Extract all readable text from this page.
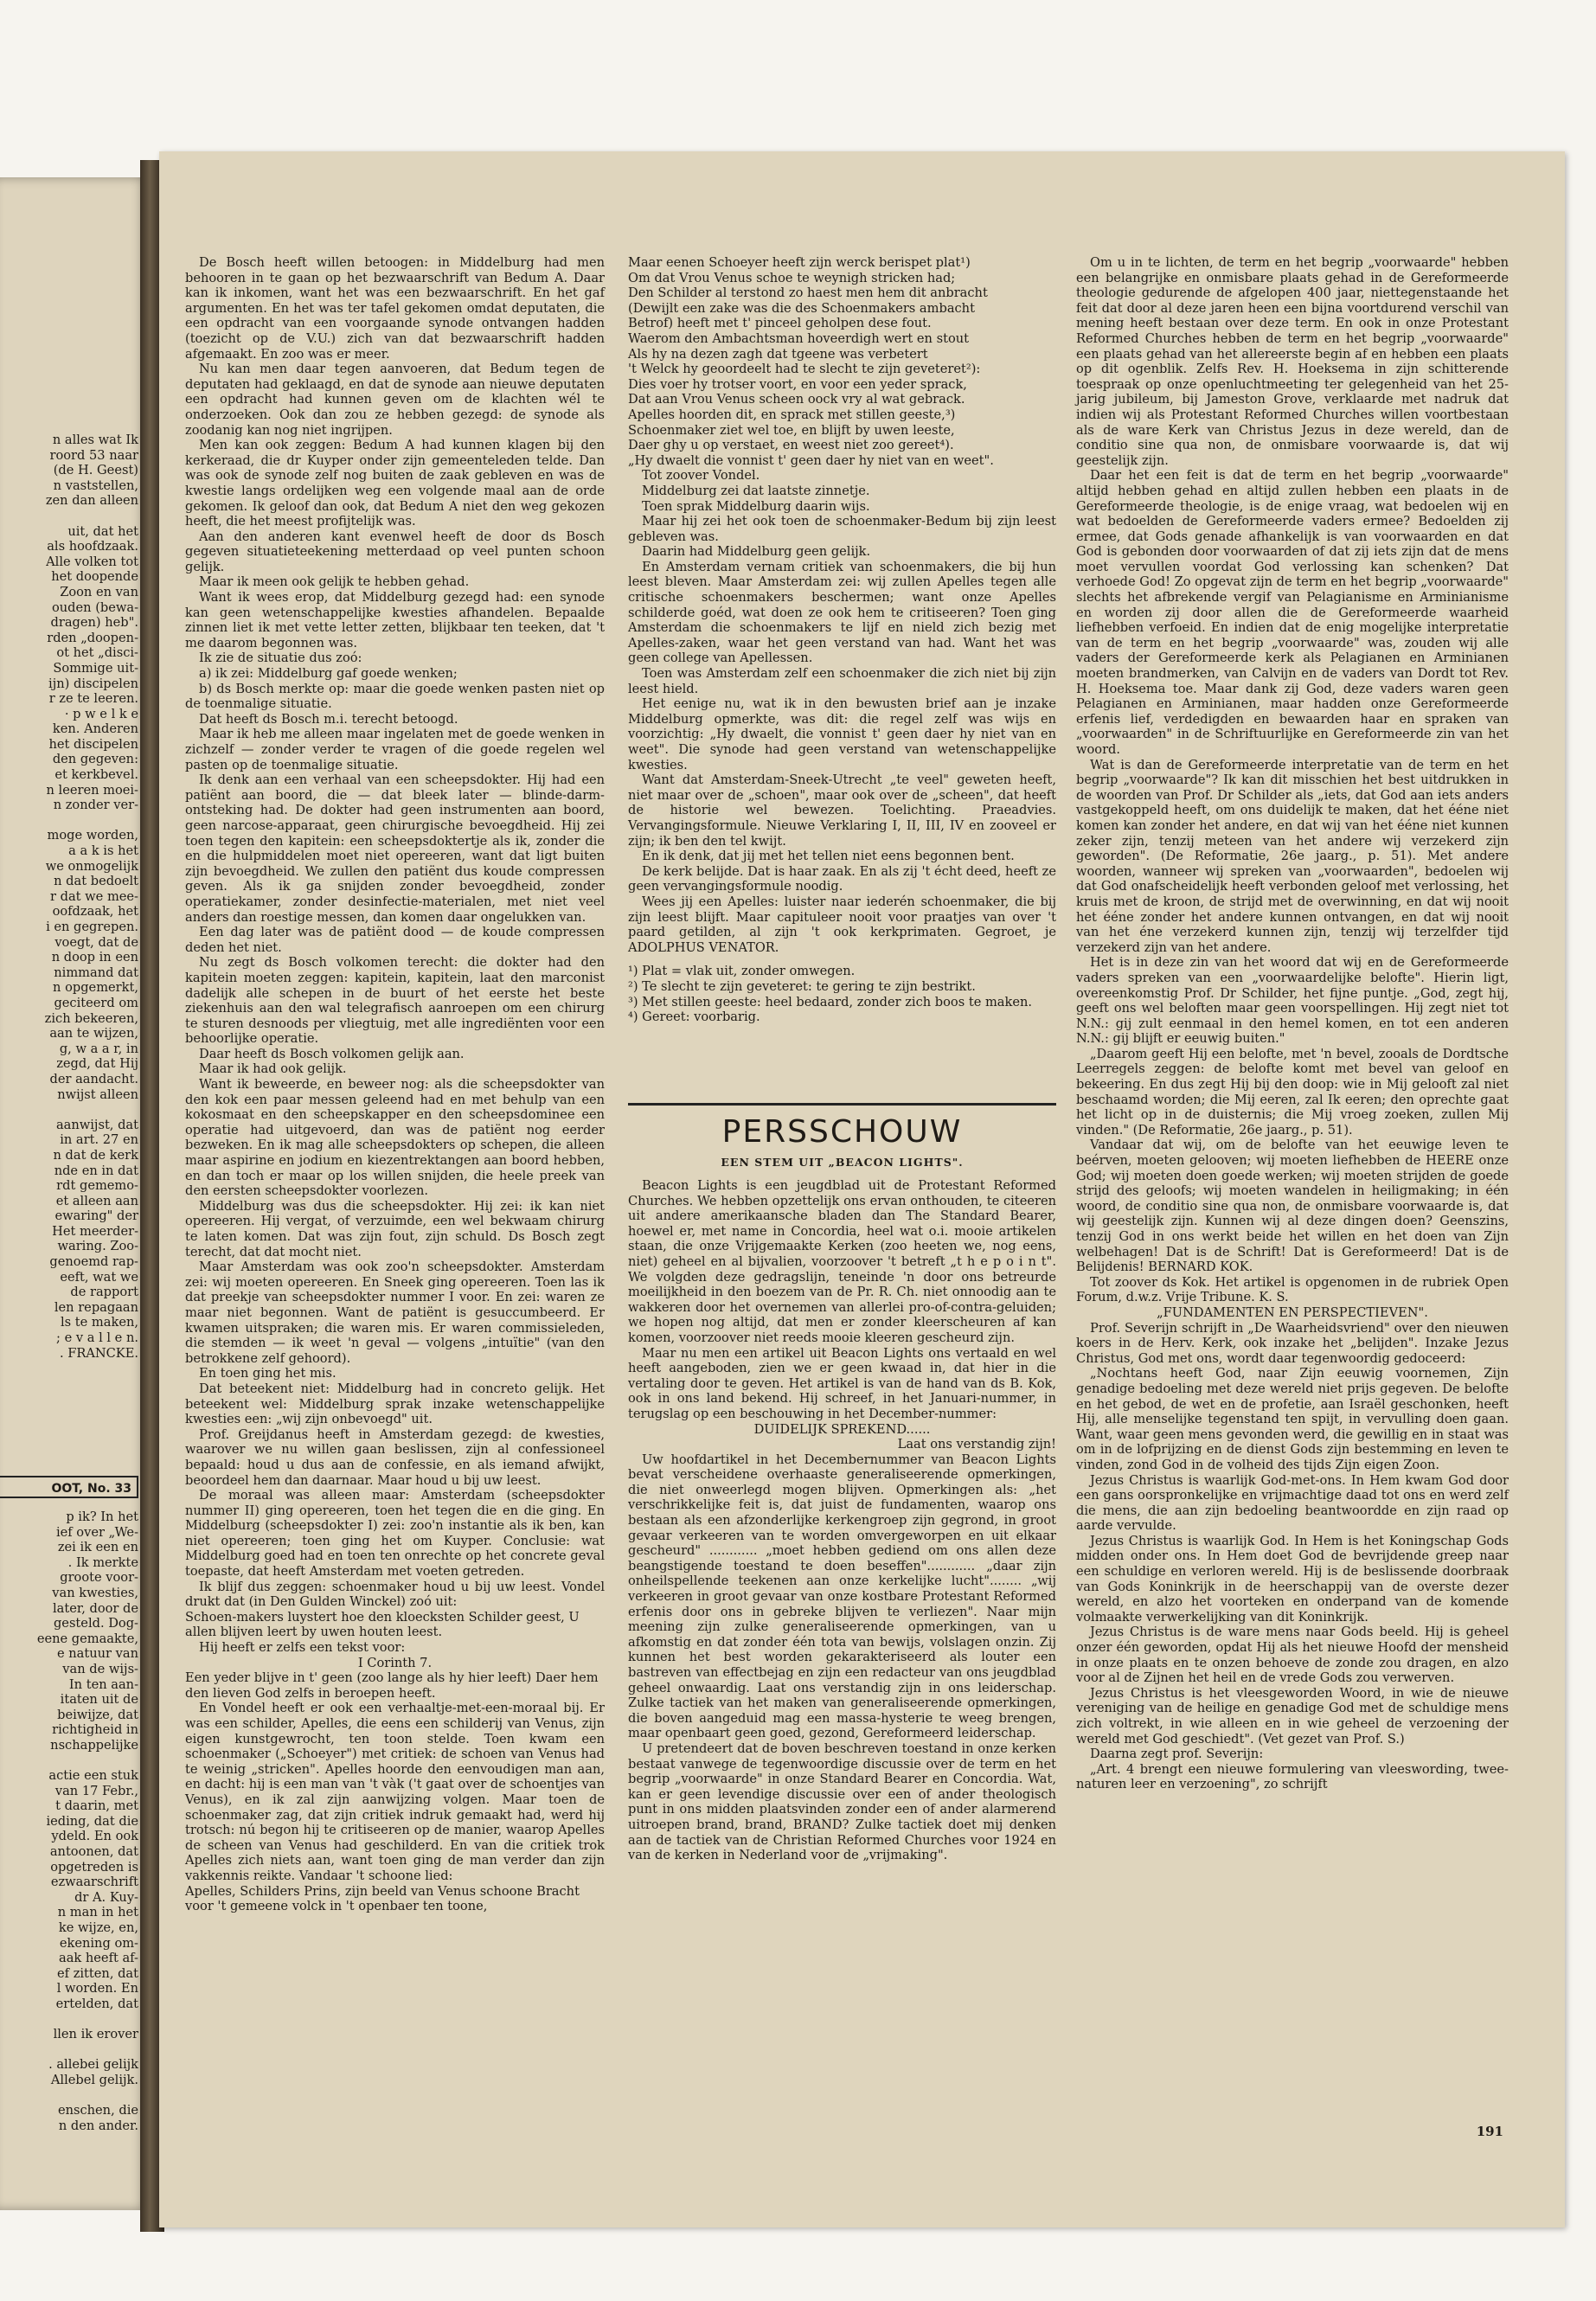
n alles wat Ik
roord 53 naar
(de H. Geest)
n vaststellen,
zen dan alleen

uit, dat het
als hoofdzaak.
Alle volken tot
het doopende
Zoon en van
ouden (bewa-
dragen) heb".
rden „doopen-
ot het „disci-
Sommige uit-
ijn) discipelen
r ze te leeren.
· p w e l k e
ken. Anderen
het discipelen
den gegeven:
et kerkbevel.
n leeren moei-
n zonder ver-

moge worden,
a a k is het
we onmogelijk
n dat bedoelt
r dat we mee-
oofdzaak, het
i en gegrepen.
voegt, dat de
n doop in een
nimmand dat
n opgemerkt,
geciteerd om
zich bekeeren,
aan te wijzen,
g, w a a r, in
zegd, dat Hij
der aandacht.
nwijst alleen

aanwijst, dat
in art. 27 en
n dat de kerk
nde en in dat
rdt gememo-
et alleen aan
ewaring" der
Het meerder-
waring. Zoo-
genoemd rap-
eeft, wat we
de rapport
len repagaan
ls te maken,
; e v a l l e n.
. FRANCKE.
OOT, No. 33
p ik? In het
ief over „We-
zei ik een en
. Ik merkte
groote voor-
van kwesties,
later, door de
gesteld. Dog-
eene gemaakte,
e natuur van
van de wijs-
In ten aan-
itaten uit de
beiwijze, dat
richtigheid in
nschappelijke

actie een stuk
van 17 Febr.,
t daarin, met
ieding, dat die
ydeld. En ook
antoonen, dat
opgetreden is
ezwaarschrift
dr A. Kuy-
n man in het
ke wijze, en,
ekening om-
aak heeft af-
ef zitten, dat
l worden. En
ertelden, dat

llen ik erover

. allebei gelijk
Allebel gelijk.

enschen, die
n den ander.

De Bosch heeft willen betoogen: in Middelburg had men behooren in te gaan op het bezwaarschrift van Bedum A. Daar kan ik inkomen, want het was een bezwaarschrift. En het gaf argumenten. En het was ter tafel gekomen omdat deputaten, die een opdracht van een voorgaande synode ontvangen hadden (toezicht op de V.U.) zich van dat bezwaarschrift hadden afgemaakt. En zoo was er meer.

Nu kan men daar tegen aanvoeren, dat Bedum tegen de deputaten had geklaagd, en dat de synode aan nieuwe deputaten een opdracht had kunnen geven om de klachten wél te onderzoeken. Ook dan zou ze hebben gezegd: de synode als zoodanig kan nog niet ingrijpen.

Men kan ook zeggen: Bedum A had kunnen klagen bij den kerkeraad, die dr Kuyper onder zijn gemeenteleden telde. Dan was ook de synode zelf nog buiten de zaak gebleven en was de kwestie langs ordelijken weg een volgende maal aan de orde gekomen. Ik geloof dan ook, dat Bedum A niet den weg gekozen heeft, die het meest profijtelijk was.

Aan den anderen kant evenwel heeft de door ds Bosch gegeven situatieteekening metterdaad op veel punten schoon gelijk.

Maar ik meen ook gelijk te hebben gehad.

Want ik wees erop, dat Middelburg gezegd had: een synode kan geen wetenschappelijke kwesties afhandelen. Bepaalde zinnen liet ik met vette letter zetten, blijkbaar ten teeken, dat 't me daarom begonnen was.

Ik zie de situatie dus zoó:

a) ik zei: Middelburg gaf goede wenken;

b) ds Bosch merkte op: maar die goede wenken pasten niet op de toenmalige situatie.

Dat heeft ds Bosch m.i. terecht betoogd.

Maar ik heb me alleen maar ingelaten met de goede wenken in zichzelf — zonder verder te vragen of die goede regelen wel pasten op de toenmalige situatie.

Ik denk aan een verhaal van een scheepsdokter. Hij had een patiënt aan boord, die — dat bleek later — blinde-darm-ontsteking had. De dokter had geen instrumenten aan boord, geen narcose-apparaat, geen chirurgische bevoegdheid. Hij zei toen tegen den kapitein: een scheepsdoktertje als ik, zonder die en die hulpmiddelen moet niet opereeren, want dat ligt buiten zijn bevoegdheid. We zullen den patiënt dus koude compressen geven. Als ik ga snijden zonder bevoegdheid, zonder operatiekamer, zonder desinfectie-materialen, met niet veel anders dan roestige messen, dan komen daar ongelukken van.

Een dag later was de patiënt dood — de koude compressen deden het niet.

Nu zegt ds Bosch volkomen terecht: die dokter had den kapitein moeten zeggen: kapitein, kapitein, laat den marconist dadelijk alle schepen in de buurt of het eerste het beste ziekenhuis aan den wal telegrafisch aanroepen om een chirurg te sturen desnoods per vliegtuig, met alle ingrediënten voor een behoorlijke operatie.

Daar heeft ds Bosch volkomen gelijk aan.

Maar ik had ook gelijk.

Want ik beweerde, en beweer nog: als die scheepsdokter van den kok een paar messen geleend had en met behulp van een kokosmaat en den scheepskapper en den scheepsdominee een operatie had uitgevoerd, dan was de patiënt nog eerder bezweken. En ik mag alle scheepsdokters op schepen, die alleen maar aspirine en jodium en kiezentrektangen aan boord hebben, en dan toch er maar op los willen snijden, die heele preek van den eersten scheepsdokter voorlezen.

Middelburg was dus die scheepsdokter. Hij zei: ik kan niet opereeren. Hij vergat, of verzuimde, een wel bekwaam chirurg te laten komen. Dat was zijn fout, zijn schuld. Ds Bosch zegt terecht, dat dat mocht niet.

Maar Amsterdam was ook zoo'n scheepsdokter. Amsterdam zei: wij moeten opereeren. En Sneek ging opereeren. Toen las ik dat preekje van scheepsdokter nummer I voor. En zei: waren ze maar niet begonnen. Want de patiënt is gesuccumbeerd. Er kwamen uitspraken; die waren mis. Er waren commissieleden, die stemden — ik weet 'n geval — volgens „intuïtie" (van den betrokkene zelf gehoord).

En toen ging het mis.

Dat beteekent niet: Middelburg had in concreto gelijk. Het beteekent wel: Middelburg sprak inzake wetenschappelijke kwesties een: „wij zijn onbevoegd" uit.

Prof. Greijdanus heeft in Amsterdam gezegd: de kwesties, waarover we nu willen gaan beslissen, zijn al confessioneel bepaald: houd u dus aan de confessie, en als iemand afwijkt, beoordeel hem dan daarnaar. Maar houd u bij uw leest.

De moraal was alleen maar: Amsterdam (scheepsdokter nummer II) ging opereeren, toen het tegen die en die ging. En Middelburg (scheepsdokter I) zei: zoo'n instantie als ik ben, kan niet opereeren; toen ging het om Kuyper. Conclusie: wat Middelburg goed had en toen ten onrechte op het concrete geval toepaste, dat heeft Amsterdam met voeten getreden.

Ik blijf dus zeggen: schoenmaker houd u bij uw leest. Vondel drukt dat (in Den Gulden Winckel) zoó uit:

Schoen-makers luystert hoe den kloecksten Schilder geest, U allen blijven leert by uwen houten leest.

Hij heeft er zelfs een tekst voor:

I Corinth 7.

Een yeder blijve in t' geen (zoo lange als hy hier leeft) Daer hem den lieven God zelfs in beroepen heeft.

En Vondel heeft er ook een verhaaltje-met-een-moraal bij. Er was een schilder, Apelles, die eens een schilderij van Venus, zijn eigen kunstgewrocht, ten toon stelde. Toen kwam een schoenmaker („Schoeyer") met critiek: de schoen van Venus had te weinig „stricken". Apelles hoorde den eenvoudigen man aan, en dacht: hij is een man van 't vàk ('t gaat over de schoentjes van Venus), en ik zal zijn aanwijzing volgen. Maar toen de schoenmaker zag, dat zijn critiek indruk gemaakt had, werd hij trotsch: nú begon hij te critiseeren op de manier, waarop Apelles de scheen van Venus had geschilderd. En van die critiek trok Apelles zich niets aan, want toen ging de man verder dan zijn vakkennis reikte. Vandaar 't schoone lied:

Apelles, Schilders Prins, zijn beeld van Venus schoone Bracht voor 't gemeene volck in 't openbaer ten toone,

Maar eenen Schoeyer heeft zijn werck berispet plat¹)

Om dat Vrou Venus schoe te weynigh stricken had;

Den Schilder al terstond zo haest men hem dit anbracht

(Dewijlt een zake was die des Schoenmakers ambacht

Betrof) heeft met t' pinceel geholpen dese fout.

Waerom den Ambachtsman hoveerdigh wert en stout

Als hy na dezen zagh dat tgeene was verbetert

't Welck hy geoordeelt had te slecht te zijn geveteret²):

Dies voer hy trotser voort, en voor een yeder sprack,

Dat aan Vrou Venus scheen oock vry al wat gebrack.

Apelles hoorden dit, en sprack met stillen geeste,³)

Schoenmaker ziet wel toe, en blijft by uwen leeste,

Daer ghy u op verstaet, en weest niet zoo gereet⁴).

„Hy dwaelt die vonnist t' geen daer hy niet van en weet".

Tot zoover Vondel.

Middelburg zei dat laatste zinnetje.

Toen sprak Middelburg daarin wijs.

Maar hij zei het ook toen de schoenmaker-Bedum bij zijn leest gebleven was.

Daarin had Middelburg geen gelijk.

En Amsterdam vernam critiek van schoenmakers, die bij hun leest bleven. Maar Amsterdam zei: wij zullen Apelles tegen alle critische schoenmakers beschermen; want onze Apelles schilderde goéd, wat doen ze ook hem te critiseeren? Toen ging Amsterdam die schoenmakers te lijf en nield zich bezig met Apelles-zaken, waar het geen verstand van had. Want het was geen college van Apellessen.

Toen was Amsterdam zelf een schoenmaker die zich niet bij zijn leest hield.

Het eenige nu, wat ik in den bewusten brief aan je inzake Middelburg opmerkte, was dit: die regel zelf was wijs en voorzichtig: „Hy dwaelt, die vonnist t' geen daer hy niet van en weet". Die synode had geen verstand van wetenschappelijke kwesties.

Want dat Amsterdam-Sneek-Utrecht „te veel" geweten heeft, niet maar over de „schoen", maar ook over de „scheen", dat heeft de historie wel bewezen. Toelichting. Praeadvies. Vervangingsformule. Nieuwe Verklaring I, II, III, IV en zooveel er zijn; ik ben den tel kwijt.

En ik denk, dat jij met het tellen niet eens begonnen bent.

De kerk belijde. Dat is haar zaak. En als zij 't écht deed, heeft ze geen vervangingsformule noodig.

Wees jij een Apelles: luister naar iederén schoenmaker, die bij zijn leest blijft. Maar capituleer nooit voor praatjes van over 't paard getilden, al zijn 't ook kerkprimaten. Gegroet, je ADOLPHUS VENATOR.

¹) Plat = vlak uit, zonder omwegen.

²) Te slecht te zijn geveteret: te gering te zijn bestrikt.

³) Met stillen geeste: heel bedaard, zonder zich boos te maken.

⁴) Gereet: voorbarig.

PERSSCHOUW
EEN STEM UIT „BEACON LIGHTS".

Beacon Lights is een jeugdblad uit de Protestant Reformed Churches. We hebben opzettelijk ons ervan onthouden, te citeeren uit andere amerikaansche bladen dan The Standard Bearer, hoewel er, met name in Concordia, heel wat o.i. mooie artikelen staan, die onze Vrijgemaakte Kerken (zoo heeten we, nog eens, niet) geheel en al bijvalien, voorzoover 't betreft „t h e p o i n t". We volgden deze gedragslijn, teneinde 'n door ons betreurde moeilijkheid in den boezem van de Pr. R. Ch. niet onnoodig aan te wakkeren door het overnemen van allerlei pro-of-contra-geluiden; we hopen nog altijd, dat men er zonder kleerscheuren af kan komen, voorzoover niet reeds mooie kleeren gescheurd zijn.

Maar nu men een artikel uit Beacon Lights ons vertaald en wel heeft aangeboden, zien we er geen kwaad in, dat hier in die vertaling door te geven. Het artikel is van de hand van ds B. Kok, ook in ons land bekend. Hij schreef, in het Januari-nummer, in terugslag op een beschouwing in het December-nummer:

DUIDELIJK SPREKEND......

Laat ons verstandig zijn!

Uw hoofdartikel in het Decembernummer van Beacon Lights bevat verscheidene overhaaste generaliseerende opmerkingen, die niet onweerlegd mogen blijven. Opmerkingen als: „het verschrikkelijke feit is, dat juist de fundamenten, waarop ons bestaan als een afzonderlijke kerkengroep zijn gegrond, in groot gevaar verkeeren van te worden omvergeworpen en uit elkaar gescheurd" ............ „moet hebben gediend om ons allen deze beangstigende toestand te doen beseffen"............ „daar zijn onheilspellende teekenen aan onze kerkelijke lucht"........ „wij verkeeren in groot gevaar van onze kostbare Protestant Reformed erfenis door ons in gebreke blijven te verliezen". Naar mijn meening zijn zulke generaliseerende opmerkingen, van u afkomstig en dat zonder één tota van bewijs, volslagen onzin. Zij kunnen het best worden gekarakteriseerd als louter een bastreven van effectbejag en zijn een redacteur van ons jeugdblad geheel onwaardig. Laat ons verstandig zijn in ons leiderschap. Zulke tactiek van het maken van generaliseerende opmerkingen, die boven aangeduid mag een massa-hysterie te weeg brengen, maar openbaart geen goed, gezond, Gereformeerd leiderschap.

U pretendeert dat de boven beschreven toestand in onze kerken bestaat vanwege de tegenwoordige discussie over de term en het begrip „voorwaarde" in onze Standard Bearer en Concordia. Wat, kan er geen levendige discussie over een of ander theologisch punt in ons midden plaatsvinden zonder een of ander alarmerend uitroepen brand, brand, BRAND? Zulke tactiek doet mij denken aan de tactiek van de Christian Reformed Churches voor 1924 en van de kerken in Nederland voor de „vrijmaking".

Om u in te lichten, de term en het begrip „voorwaarde" hebben een belangrijke en onmisbare plaats gehad in de Gereformeerde theologie gedurende de afgelopen 400 jaar, niettegenstaande het feit dat door al deze jaren heen een bijna voortdurend verschil van mening heeft bestaan over deze term. En ook in onze Protestant Reformed Churches hebben de term en het begrip „voorwaarde" een plaats gehad van het allereerste begin af en hebben een plaats op dit ogenblik. Zelfs Rev. H. Hoeksema in zijn schitterende toespraak op onze openluchtmeeting ter gelegenheid van het 25-jarig jubileum, bij Jameston Grove, verklaarde met nadruk dat indien wij als Protestant Reformed Churches willen voortbestaan als de ware Kerk van Christus Jezus in deze wereld, dan de conditio sine qua non, de onmisbare voorwaarde is, dat wij geestelijk zijn.

Daar het een feit is dat de term en het begrip „voorwaarde" altijd hebben gehad en altijd zullen hebben een plaats in de Gereformeerde theologie, is de enige vraag, wat bedoelen wij en wat bedoelden de Gereformeerde vaders ermee? Bedoelden zij ermee, dat Gods genade afhankelijk is van voorwaarden en dat God is gebonden door voorwaarden of dat zij iets zijn dat de mens moet vervullen voordat God verlossing kan schenken? Dat verhoede God! Zo opgevat zijn de term en het begrip „voorwaarde" slechts het afbrekende vergif van Pelagianisme en Arminianisme en worden zij door allen die de Gereformeerde waarheid liefhebben verfoeid. En indien dat de enig mogelijke interpretatie van de term en het begrip „voorwaarde" was, zouden wij alle vaders der Gereformeerde kerk als Pelagianen en Arminianen moeten brandmerken, van Calvijn en de vaders van Dordt tot Rev. H. Hoeksema toe. Maar dank zij God, deze vaders waren geen Pelagianen en Arminianen, maar hadden onze Gereformeerde erfenis lief, verdedigden en bewaarden haar en spraken van „voorwaarden" in de Schriftuurlijke en Gereformeerde zin van het woord.

Wat is dan de Gereformeerde interpretatie van de term en het begrip „voorwaarde"? Ik kan dit misschien het best uitdrukken in de woorden van Prof. Dr Schilder als „iets, dat God aan iets anders vastgekoppeld heeft, om ons duidelijk te maken, dat het ééne niet komen kan zonder het andere, en dat wij van het ééne niet kunnen zeker zijn, tenzij meteen van het andere wij verzekerd zijn geworden". (De Reformatie, 26e jaarg., p. 51). Met andere woorden, wanneer wij spreken van „voorwaarden", bedoelen wij dat God onafscheidelijk heeft verbonden geloof met verlossing, het kruis met de kroon, de strijd met de overwinning, en dat wij nooit het ééne zonder het andere kunnen ontvangen, en dat wij nooit van het éne verzekerd kunnen zijn, tenzij wij terzelfder tijd verzekerd zijn van het andere.

Het is in deze zin van het woord dat wij en de Gereformeerde vaders spreken van een „voorwaardelijke belofte". Hierin ligt, overeenkomstig Prof. Dr Schilder, het fijne puntje. „God, zegt hij, geeft ons wel beloften maar geen voorspellingen. Hij zegt niet tot N.N.: gij zult eenmaal in den hemel komen, en tot een anderen N.N.: gij blijft er eeuwig buiten."

„Daarom geeft Hij een belofte, met 'n bevel, zooals de Dordtsche Leerregels zeggen: de belofte komt met bevel van geloof en bekeering. En dus zegt Hij bij den doop: wie in Mij gelooft zal niet beschaamd worden; die Mij eeren, zal Ik eeren; den oprechte gaat het licht op in de duisternis; die Mij vroeg zoeken, zullen Mij vinden." (De Reformatie, 26e jaarg., p. 51).

Vandaar dat wij, om de belofte van het eeuwige leven te beérven, moeten gelooven; wij moeten liefhebben de HEERE onze God; wij moeten doen goede werken; wij moeten strijden de goede strijd des geloofs; wij moeten wandelen in heiligmaking; in één woord, de conditio sine qua non, de onmisbare voorwaarde is, dat wij geestelijk zijn. Kunnen wij al deze dingen doen? Geenszins, tenzij God in ons werkt beide het willen en het doen van Zijn welbehagen! Dat is de Schrift! Dat is Gereformeerd! Dat is de Belijdenis! BERNARD KOK.

Tot zoover ds Kok. Het artikel is opgenomen in de rubriek Open Forum, d.w.z. Vrije Tribune. K. S.

„FUNDAMENTEN EN PERSPECTIEVEN".

Prof. Severijn schrijft in „De Waarheidsvriend" over den nieuwen koers in de Herv. Kerk, ook inzake het „belijden". Inzake Jezus Christus, God met ons, wordt daar tegenwoordig gedoceerd:

„Nochtans heeft God, naar Zijn eeuwig voornemen, Zijn genadige bedoeling met deze wereld niet prijs gegeven. De belofte en het gebod, de wet en de profetie, aan Israël geschonken, heeft Hij, alle menselijke tegenstand ten spijt, in vervulling doen gaan. Want, waar geen mens gevonden werd, die gewillig en in staat was om in de lofprijzing en de dienst Gods zijn bestemming en leven te vinden, zond God in de volheid des tijds Zijn eigen Zoon.

Jezus Christus is waarlijk God-met-ons. In Hem kwam God door een gans oorspronkelijke en vrijmachtige daad tot ons en werd zelf die mens, die aan zijn bedoeling beantwoordde en zijn raad op aarde vervulde.

Jezus Christus is waarlijk God. In Hem is het Koningschap Gods midden onder ons. In Hem doet God de bevrijdende greep naar een schuldige en verloren wereld. Hij is de beslissende doorbraak van Gods Koninkrijk in de heerschappij van de overste dezer wereld, en alzo het voorteken en onderpand van de komende volmaakte verwerkelijking van dit Koninkrijk.

Jezus Christus is de ware mens naar Gods beeld. Hij is geheel onzer één geworden, opdat Hij als het nieuwe Hoofd der mensheid in onze plaats en te onzen behoeve de zonde zou dragen, en alzo voor al de Zijnen het heil en de vrede Gods zou verwerven.

Jezus Christus is het vleesgeworden Woord, in wie de nieuwe vereniging van de heilige en genadige God met de schuldige mens zich voltrekt, in wie alleen en in wie geheel de verzoening der wereld met God geschiedt". (Vet gezet van Prof. S.)

Daarna zegt prof. Severijn:

„Art. 4 brengt een nieuwe formulering van vleeswording, twee-naturen leer en verzoening", zo schrijft

191
